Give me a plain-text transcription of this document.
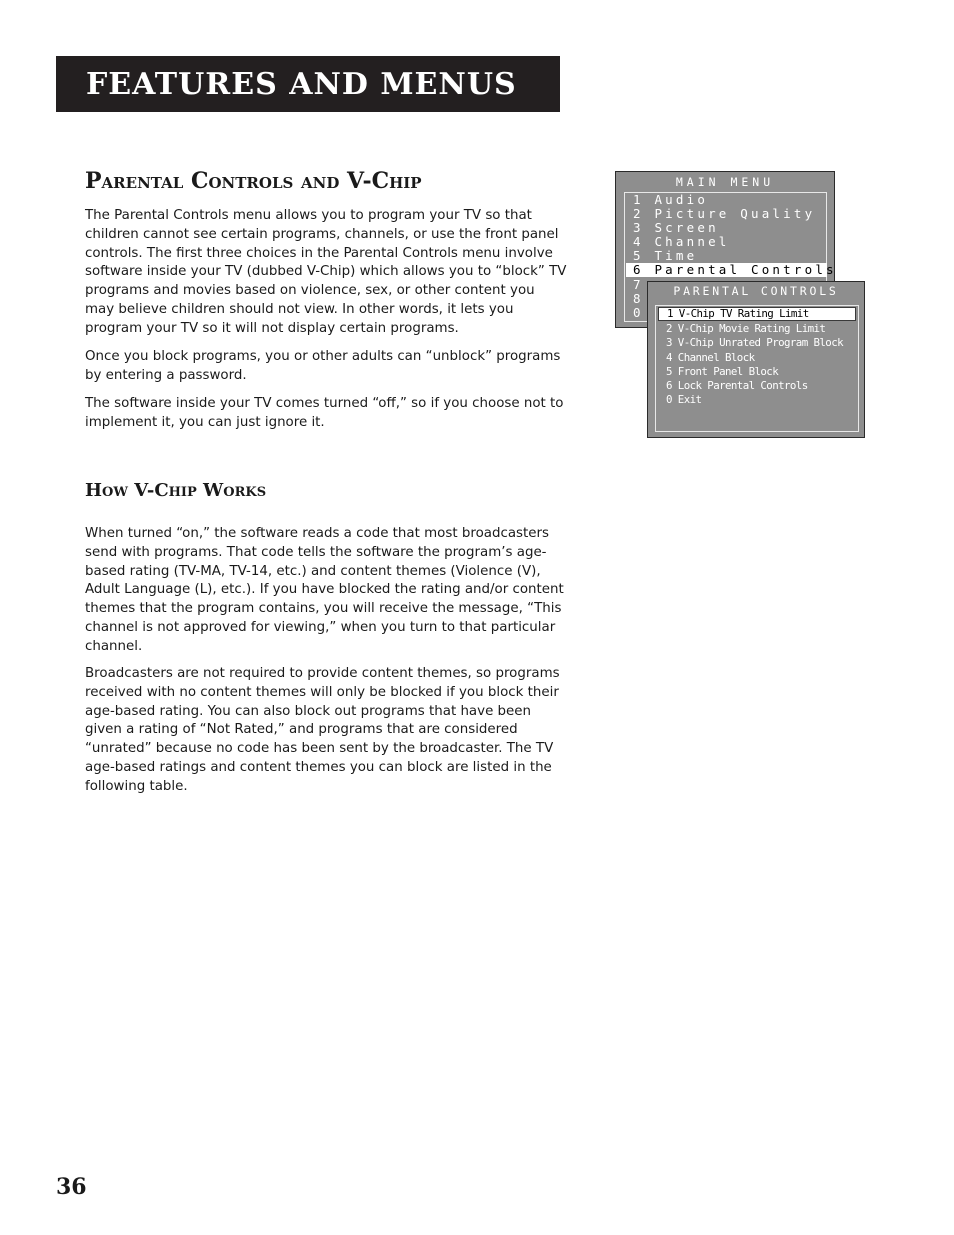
FEATURES AND MENUS
Parental Controls and V-Chip

The Parental Controls menu allows you to program your TV so that children cannot see certain programs, channels, or use the front panel controls. The first three choices in the Parental Controls menu involve software inside your TV (dubbed V-Chip) which allows you to “block” TV programs and movies based on violence, sex, or other content you may believe children should not view. In other words, it lets you program your TV so it will not display certain programs.

Once you block programs, you or other adults can “unblock” programs by entering a password.

The software inside your TV comes turned “off,” so if you choose not to implement it, you can just ignore it.

How V-Chip Works

When turned “on,” the software reads a code that most broadcasters send with programs. That code tells the software the program’s age-based rating (TV-MA, TV-14, etc.) and content themes (Violence (V), Adult Language (L), etc.). If you have blocked the rating and/or content themes that the program contains, you will receive the message, “This channel is not approved for viewing,” when you turn to that particular channel.

Broadcasters are not required to provide content themes, so programs received with no content themes will only be blocked if you block their age-based rating. You can also block out programs that have been given a rating of “Not Rated,” and programs that are considered “unrated” because no code has been sent by the broadcaster. The TV age-based ratings and content themes you can block are listed in the following table.

MAIN MENU
1 Audio
2 Picture Quality
3 Screen
4 Channel
5 Time
6 Parental Controls
7
8
0
PARENTAL CONTROLS
1 V-Chip TV Rating Limit
2 V-Chip Movie Rating Limit
3 V-Chip Unrated Program Block
4 Channel Block
5 Front Panel Block
6 Lock Parental Controls
0 Exit
36
